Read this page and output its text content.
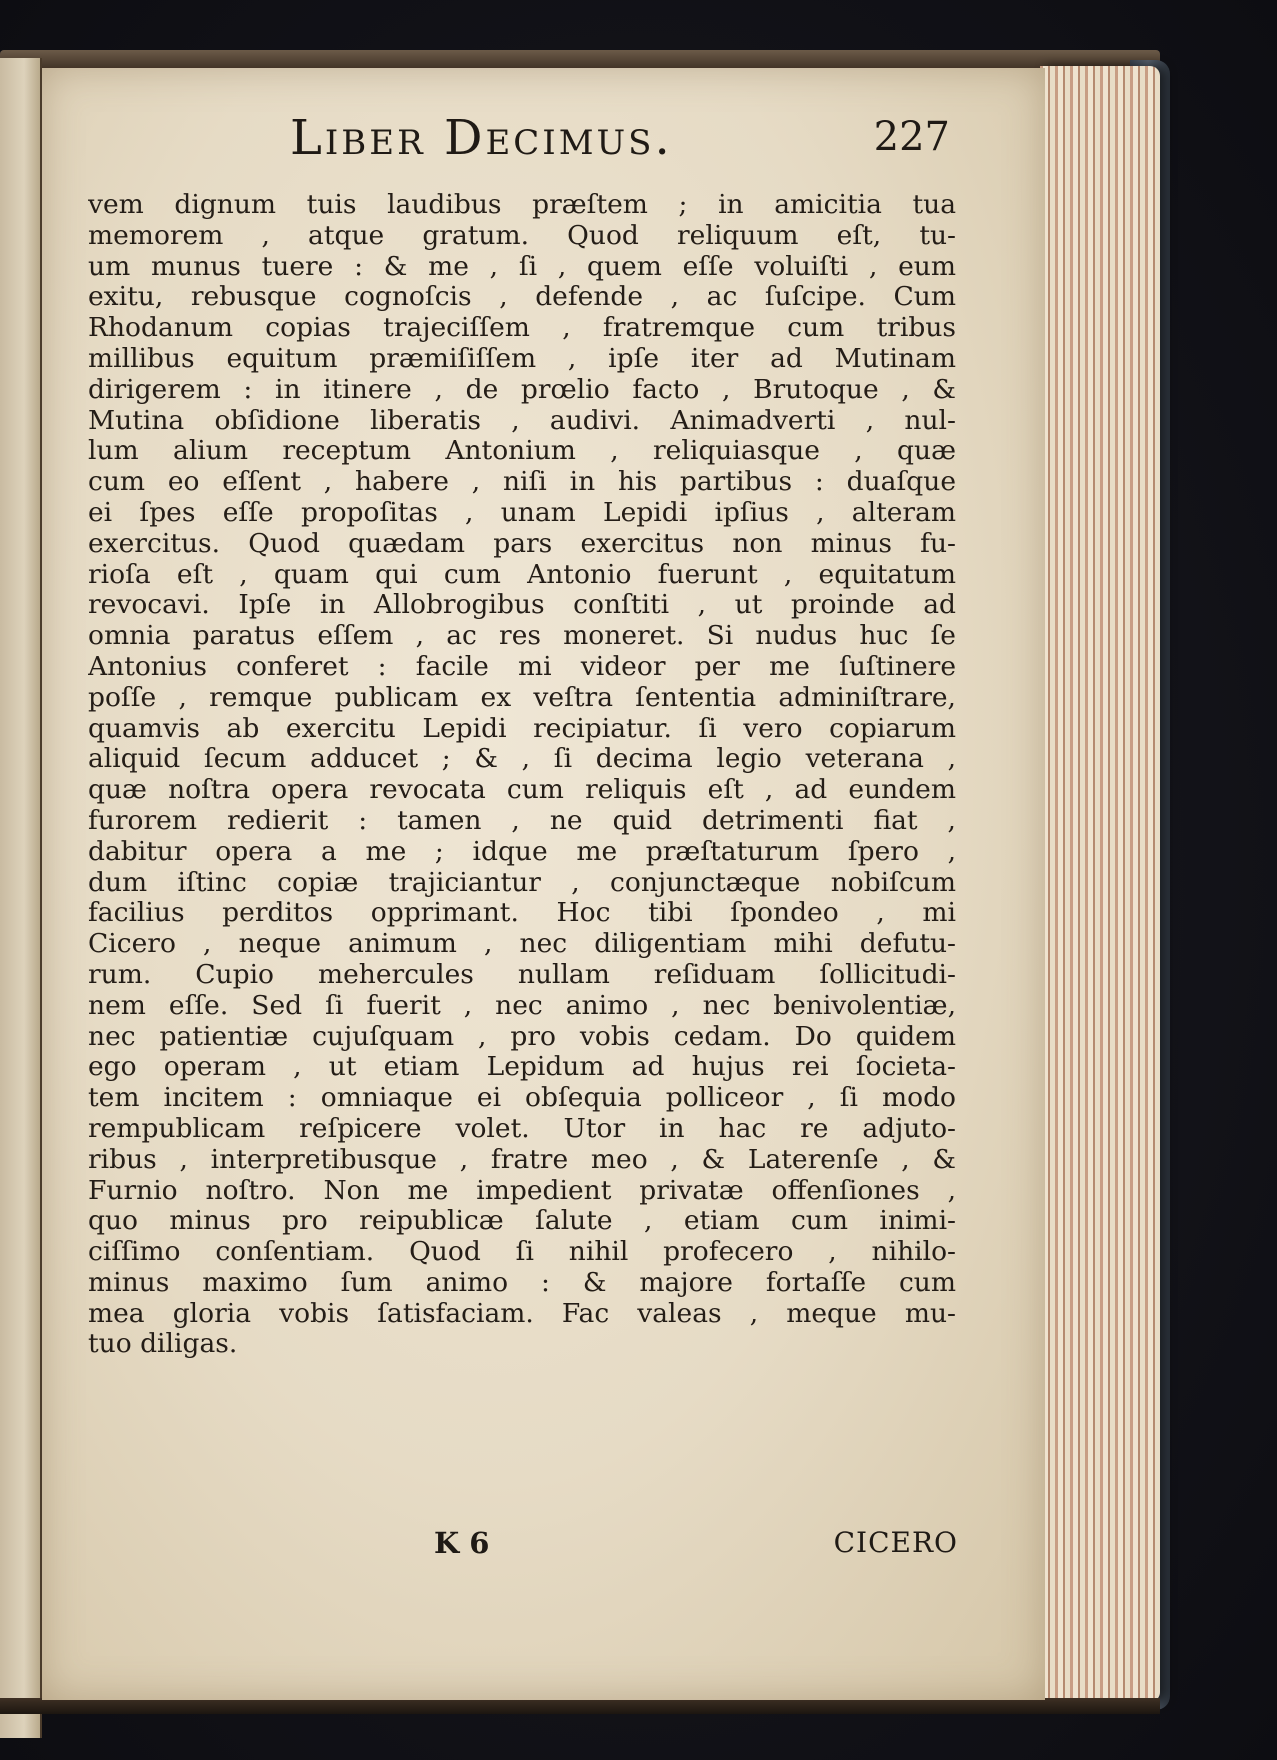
Liber Decimus.	227
vem dignum tuis laudibus præſtem ; in amicitia tua
memorem , atque gratum. Quod reliquum eſt, tu-
um munus tuere : & me , ſi , quem eſſe voluiſti , eum
exitu, rebusque cognoſcis , defende , ac ſuſcipe. Cum
Rhodanum copias trajeciſſem , fratremque cum tribus
millibus equitum præmiſiſſem , ipſe iter ad Mutinam
dirigerem : in itinere , de prœlio facto , Brutoque , &
Mutina obſidione liberatis , audivi. Animadverti , nul-
lum alium receptum Antonium , reliquiasque , quæ
cum eo eſſent , habere , niſi in his partibus : duaſque
ei ſpes eſſe propoſitas , unam Lepidi ipſius , alteram
exercitus. Quod quædam pars exercitus non minus fu-
rioſa eſt , quam qui cum Antonio fuerunt , equitatum
revocavi. Ipſe in Allobrogibus conſtiti , ut proinde ad
omnia paratus eſſem , ac res moneret. Si nudus huc ſe
Antonius conferet : facile mi videor per me ſuſtinere
poſſe , remque publicam ex veſtra ſententia adminiſtrare,
quamvis ab exercitu Lepidi recipiatur. ſi vero copiarum
aliquid ſecum adducet ; & , ſi decima legio veterana ,
quæ noſtra opera revocata cum reliquis eſt , ad eundem
furorem redierit : tamen , ne quid detrimenti fiat ,
dabitur opera a me ; idque me præſtaturum ſpero ,
dum iſtinc copiæ trajiciantur , conjunctæque nobiſcum
facilius perditos opprimant. Hoc tibi ſpondeo , mi
Cicero , neque animum , nec diligentiam mihi defutu-
rum. Cupio mehercules nullam reſiduam ſollicitudi-
nem eſſe. Sed ſi fuerit , nec animo , nec benivolentiæ,
nec patientiæ cujuſquam , pro vobis cedam. Do quidem
ego operam , ut etiam Lepidum ad hujus rei ſocieta-
tem incitem : omniaque ei obſequia polliceor , ſi modo
rempublicam reſpicere volet. Utor in hac re adjuto-
ribus , interpretibusque , fratre meo , & Laterenſe , &
Furnio noſtro. Non me impedient privatæ offenſiones ,
quo minus pro reipublicæ ſalute , etiam cum inimi-
ciſſimo conſentiam. Quod ſi nihil profecero , nihilo-
minus maximo ſum animo : & majore fortaſſe cum
mea gloria vobis ſatisfaciam. Fac valeas , meque mu-
tuo diligas.
K 6	CICERO
